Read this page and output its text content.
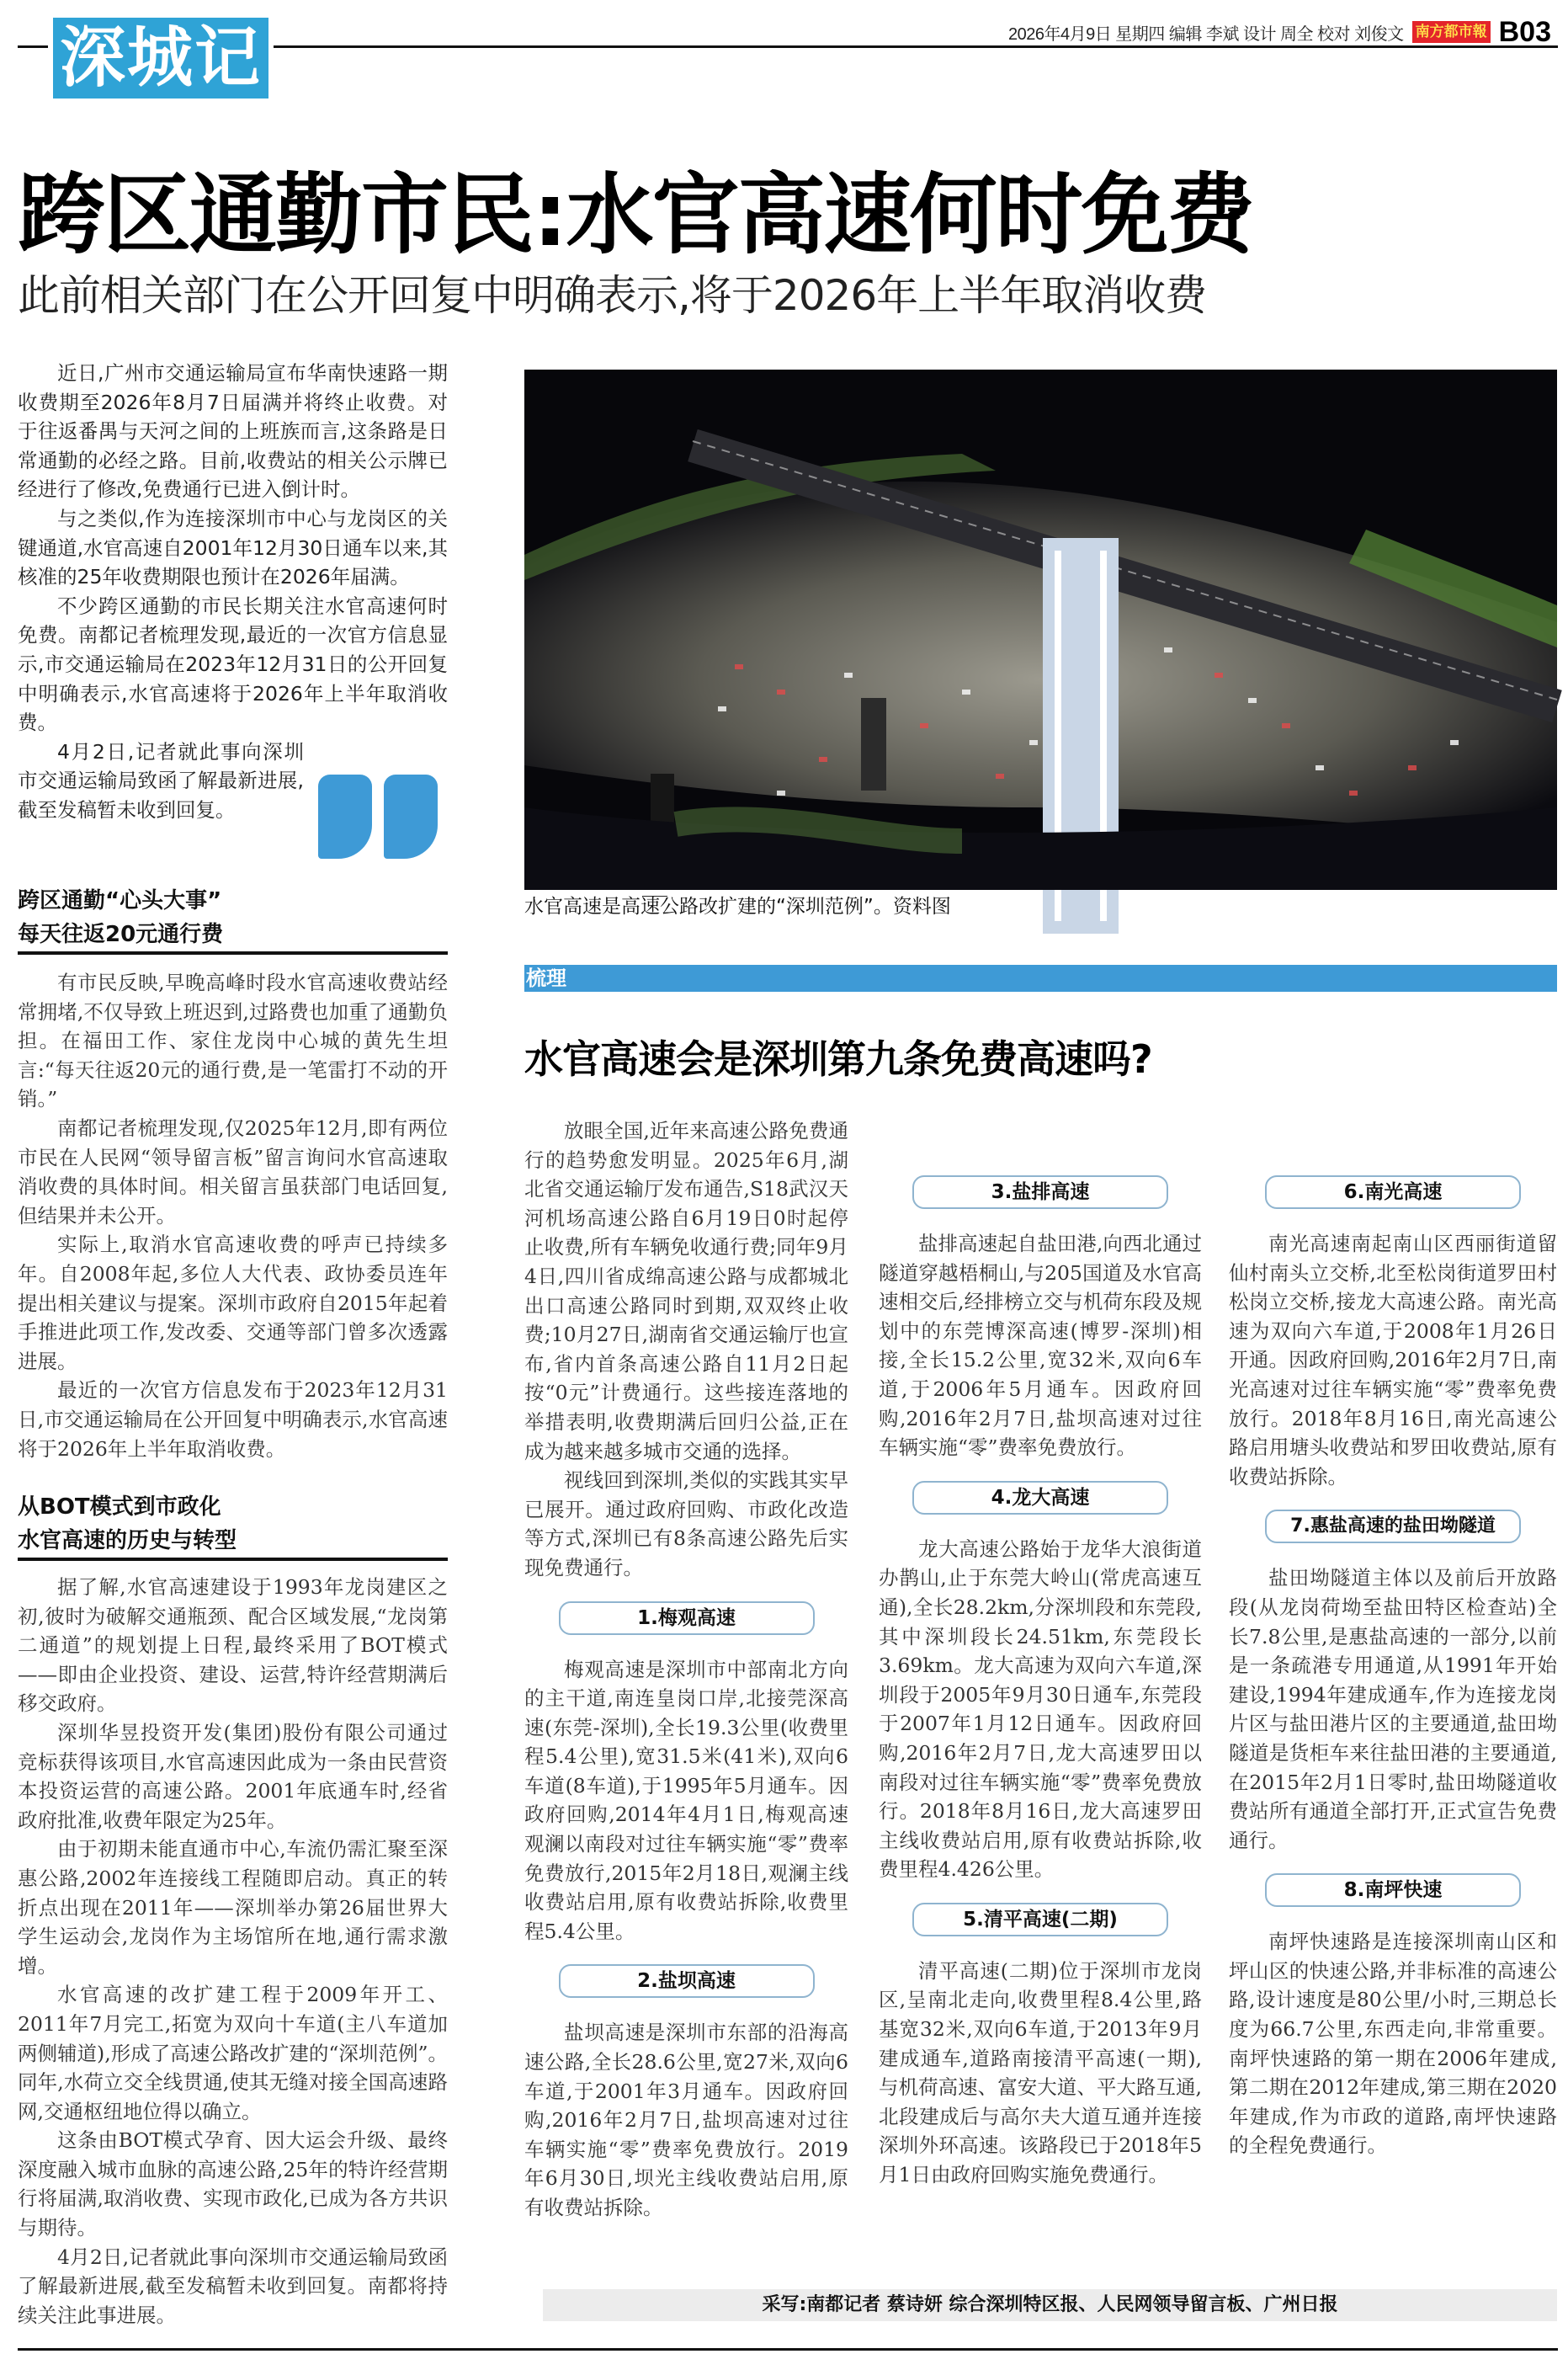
深城记	2026年4月9日 星期四 编辑 李斌 设计 周全 校对 刘俊文 南方都市報 B03
跨区通勤市民:水官高速何时免费
此前相关部门在公开回复中明确表示,将于2026年上半年取消收费

近日,广州市交通运输局宣布华南快速路一期收费期至2026年8月7日届满并将终止收费。对于往返番禺与天河之间的上班族而言,这条路是日常通勤的必经之路。目前,收费站的相关公示牌已经进行了修改,免费通行已进入倒计时。

与之类似,作为连接深圳市中心与龙岗区的关键通道,水官高速自2001年12月30日通车以来,其核准的25年收费期限也预计在2026年届满。

不少跨区通勤的市民长期关注水官高速何时免费。南都记者梳理发现,最近的一次官方信息显示,市交通运输局在2023年12月31日的公开回复中明确表示,水官高速将于2026年上半年取消收费。

4月2日,记者就此事向深圳市交通运输局致函了解最新进展,截至发稿暂未收到回复。

跨区通勤“心头大事”
每天往返20元通行费

有市民反映,早晚高峰时段水官高速收费站经常拥堵,不仅导致上班迟到,过路费也加重了通勤负担。在福田工作、家住龙岗中心城的黄先生坦言:“每天往返20元的通行费,是一笔雷打不动的开销。”

南都记者梳理发现,仅2025年12月,即有两位市民在人民网“领导留言板”留言询问水官高速取消收费的具体时间。相关留言虽获部门电话回复,但结果并未公开。

实际上,取消水官高速收费的呼声已持续多年。自2008年起,多位人大代表、政协委员连年提出相关建议与提案。深圳市政府自2015年起着手推进此项工作,发改委、交通等部门曾多次透露进展。

最近的一次官方信息发布于2023年12月31日,市交通运输局在公开回复中明确表示,水官高速将于2026年上半年取消收费。

从BOT模式到市政化
水官高速的历史与转型

据了解,水官高速建设于1993年龙岗建区之初,彼时为破解交通瓶颈、配合区域发展,“龙岗第二通道”的规划提上日程,最终采用了BOT模式——即由企业投资、建设、运营,特许经营期满后移交政府。

深圳华昱投资开发(集团)股份有限公司通过竞标获得该项目,水官高速因此成为一条由民营资本投资运营的高速公路。2001年底通车时,经省政府批准,收费年限定为25年。

由于初期未能直通市中心,车流仍需汇聚至深惠公路,2002年连接线工程随即启动。真正的转折点出现在2011年——深圳举办第26届世界大学生运动会,龙岗作为主场馆所在地,通行需求激增。

水官高速的改扩建工程于2009年开工、2011年7月完工,拓宽为双向十车道(主八车道加两侧辅道),形成了高速公路改扩建的“深圳范例”。同年,水荷立交全线贯通,使其无缝对接全国高速路网,交通枢纽地位得以确立。

这条由BOT模式孕育、因大运会升级、最终深度融入城市血脉的高速公路,25年的特许经营期行将届满,取消收费、实现市政化,已成为各方共识与期待。

4月2日,记者就此事向深圳市交通运输局致函了解最新进展,截至发稿暂未收到回复。南都将持续关注此事进展。

水官高速是高速公路改扩建的“深圳范例”。资料图
梳理
水官高速会是深圳第九条免费高速吗?

放眼全国,近年来高速公路免费通行的趋势愈发明显。2025年6月,湖北省交通运输厅发布通告,S18武汉天河机场高速公路自6月19日0时起停止收费,所有车辆免收通行费;同年9月4日,四川省成绵高速公路与成都城北出口高速公路同时到期,双双终止收费;10月27日,湖南省交通运输厅也宣布,省内首条高速公路自11月2日起按“0元”计费通行。这些接连落地的举措表明,收费期满后回归公益,正在成为越来越多城市交通的选择。

视线回到深圳,类似的实践其实早已展开。通过政府回购、市政化改造等方式,深圳已有8条高速公路先后实现免费通行。

1.梅观高速

梅观高速是深圳市中部南北方向的主干道,南连皇岗口岸,北接莞深高速(东莞-深圳),全长19.3公里(收费里程5.4公里),宽31.5米(41米),双向6车道(8车道),于1995年5月通车。因政府回购,2014年4月1日,梅观高速观澜以南段对过往车辆实施“零”费率免费放行,2015年2月18日,观澜主线收费站启用,原有收费站拆除,收费里程5.4公里。

2.盐坝高速

盐坝高速是深圳市东部的沿海高速公路,全长28.6公里,宽27米,双向6车道,于2001年3月通车。因政府回购,2016年2月7日,盐坝高速对过往车辆实施“零”费率免费放行。2019年6月30日,坝光主线收费站启用,原有收费站拆除。

3.盐排高速

盐排高速起自盐田港,向西北通过隧道穿越梧桐山,与205国道及水官高速相交后,经排榜立交与机荷东段及规划中的东莞博深高速(博罗-深圳)相接,全长15.2公里,宽32米,双向6车道,于2006年5月通车。因政府回购,2016年2月7日,盐坝高速对过往车辆实施“零”费率免费放行。

4.龙大高速

龙大高速公路始于龙华大浪街道办鹊山,止于东莞大岭山(常虎高速互通),全长28.2km,分深圳段和东莞段,其中深圳段长24.51km,东莞段长3.69km。龙大高速为双向六车道,深圳段于2005年9月30日通车,东莞段于2007年1月12日通车。因政府回购,2016年2月7日,龙大高速罗田以南段对过往车辆实施“零”费率免费放行。2018年8月16日,龙大高速罗田主线收费站启用,原有收费站拆除,收费里程4.426公里。

5.清平高速(二期)

清平高速(二期)位于深圳市龙岗区,呈南北走向,收费里程8.4公里,路基宽32米,双向6车道,于2013年9月建成通车,道路南接清平高速(一期),与机荷高速、富安大道、平大路互通,北段建成后与高尔夫大道互通并连接深圳外环高速。该路段已于2018年5月1日由政府回购实施免费通行。

6.南光高速

南光高速南起南山区西丽街道留仙村南头立交桥,北至松岗街道罗田村松岗立交桥,接龙大高速公路。南光高速为双向六车道,于2008年1月26日开通。因政府回购,2016年2月7日,南光高速对过往车辆实施“零”费率免费放行。2018年8月16日,南光高速公路启用塘头收费站和罗田收费站,原有收费站拆除。

7.惠盐高速的盐田坳隧道

盐田坳隧道主体以及前后开放路段(从龙岗荷坳至盐田特区检查站)全长7.8公里,是惠盐高速的一部分,以前是一条疏港专用通道,从1991年开始建设,1994年建成通车,作为连接龙岗片区与盐田港片区的主要通道,盐田坳隧道是货柜车来往盐田港的主要通道,在2015年2月1日零时,盐田坳隧道收费站所有通道全部打开,正式宣告免费通行。

8.南坪快速

南坪快速路是连接深圳南山区和坪山区的快速公路,并非标准的高速公路,设计速度是80公里/小时,三期总长度为66.7公里,东西走向,非常重要。南坪快速路的第一期在2006年建成,第二期在2012年建成,第三期在2020年建成,作为市政的道路,南坪快速路的全程免费通行。

采写:南都记者 蔡诗妍 综合深圳特区报、人民网领导留言板、广州日报
